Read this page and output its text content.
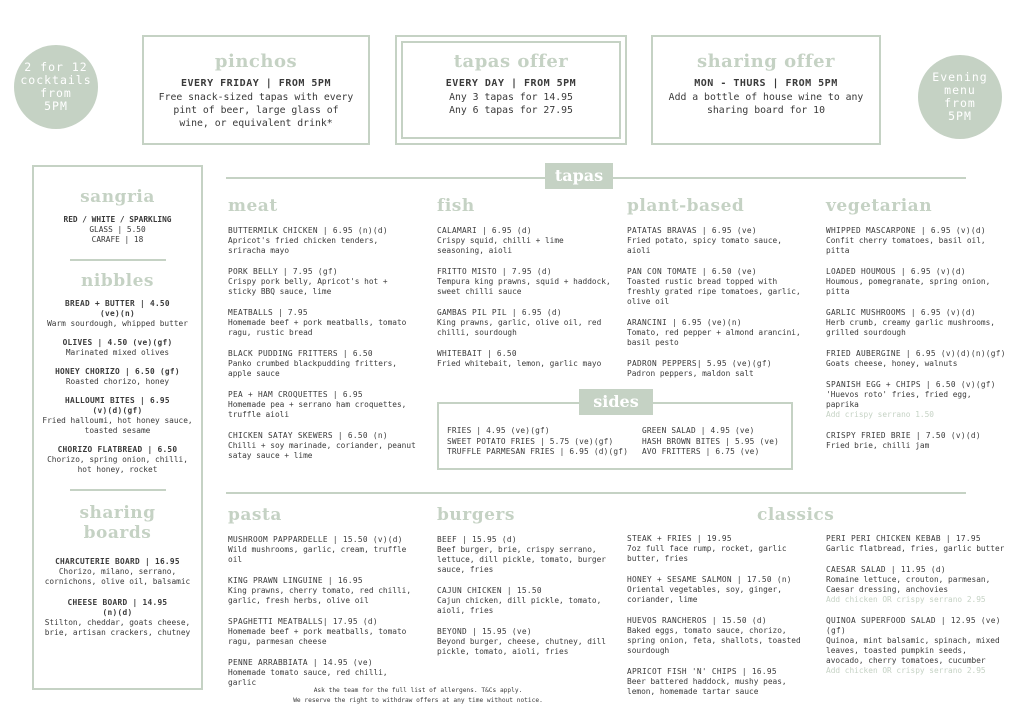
2 for 12
cocktails
from
5PM
Evening
menu
from
5PM
pinchos
EVERY FRIDAY | FROM 5PM
Free snack-sized tapas with every pint of beer, large glass of wine, or equivalent drink*
tapas offer
EVERY DAY | FROM 5PM
Any 3 tapas for 14.95
Any 6 tapas for 27.95
sharing offer
MON - THURS | FROM 5PM
Add a bottle of house wine to any sharing board for 10
sangria
RED / WHITE / SPARKLING
GLASS | 5.50
CARAFE | 18
nibbles
BREAD + BUTTER | 4.50 (ve)(n)
Warm sourdough, whipped butter
OLIVES | 4.50 (ve)(gf)
Marinated mixed olives
HONEY CHORIZO | 6.50 (gf)
Roasted chorizo, honey
HALLOUMI BITES | 6.95 (v)(d)(gf)
Fried halloumi, hot honey sauce, toasted sesame
CHORIZO FLATBREAD | 6.50
Chorizo, spring onion, chilli, hot honey, rocket
sharing
boards
CHARCUTERIE BOARD | 16.95
Chorizo, milano, serrano, cornichons, olive oil, balsamic
CHEESE BOARD | 14.95 (n)(d)
Stilton, cheddar, goats cheese, brie, artisan crackers, chutney
tapas
meat
BUTTERMILK CHICKEN | 6.95 (n)(d)
Apricot's fried chicken tenders, sriracha mayo
PORK BELLY | 7.95 (gf)
Crispy pork belly, Apricot's hot + sticky BBQ sauce, lime
MEATBALLS | 7.95
Homemade beef + pork meatballs, tomato ragu, rustic bread
BLACK PUDDING FRITTERS | 6.50
Panko crumbed blackpudding fritters, apple sauce
PEA + HAM CROQUETTES | 6.95
Homemade pea + serrano ham croquettes, truffle aioli
CHICKEN SATAY SKEWERS | 6.50 (n)
Chilli + soy marinade, coriander, peanut satay sauce + lime
fish
CALAMARI | 6.95 (d)
Crispy squid, chilli + lime seasoning, aioli
FRITTO MISTO | 7.95 (d)
Tempura king prawns, squid + haddock, sweet chilli sauce
GAMBAS PIL PIL | 6.95 (d)
King prawns, garlic, olive oil, red chilli, sourdough
WHITEBAIT | 6.50
Fried whitebait, lemon, garlic mayo
plant-based
PATATAS BRAVAS | 6.95 (ve)
Fried potato, spicy tomato sauce, aioli
PAN CON TOMATE | 6.50 (ve)
Toasted rustic bread topped with freshly grated ripe tomatoes, garlic, olive oil
ARANCINI | 6.95 (ve)(n)
Tomato, red pepper + almond arancini, basil pesto
PADRON PEPPERS| 5.95 (ve)(gf)
Padron peppers, maldon salt
vegetarian
WHIPPED MASCARPONE | 6.95 (v)(d)
Confit cherry tomatoes, basil oil, pitta
LOADED HOUMOUS | 6.95 (v)(d)
Houmous, pomegranate, spring onion, pitta
GARLIC MUSHROOMS | 6.95 (v)(d)
Herb crumb, creamy garlic mushrooms, grilled sourdough
FRIED AUBERGINE | 6.95 (v)(d)(n)(gf)
Goats cheese, honey, walnuts
SPANISH EGG + CHIPS | 6.50 (v)(gf)
'Huevos roto' fries, fried egg, paprika
Add crispy serrano 1.50
CRISPY FRIED BRIE | 7.50 (v)(d)
Fried brie, chilli jam
FRIES | 4.95 (ve)(gf)
SWEET POTATO FRIES | 5.75 (ve)(gf)
TRUFFLE PARMESAN FRIES | 6.95 (d)(gf)
GREEN SALAD | 4.95 (ve)
HASH BROWN BITES | 5.95 (ve)
AVO FRITTERS | 6.75 (ve)
sides
pasta
MUSHROOM PAPPARDELLE | 15.50 (v)(d)
Wild mushrooms, garlic, cream, truffle oil
KING PRAWN LINGUINE | 16.95
King prawns, cherry tomato, red chilli, garlic, fresh herbs, olive oil
SPAGHETTI MEATBALLS| 17.95 (d)
Homemade beef + pork meatballs, tomato ragu, parmesan cheese
PENNE ARRABBIATA | 14.95 (ve)
Homemade tomato sauce, red chilli, garlic
burgers
BEEF | 15.95 (d)
Beef burger, brie, crispy serrano, lettuce, dill pickle, tomato, burger sauce, fries
CAJUN CHICKEN | 15.50
Cajun chicken, dill pickle, tomato, aioli, fries
BEYOND | 15.95 (ve)
Beyond burger, cheese, chutney, dill pickle, tomato, aioli, fries
classics
STEAK + FRIES | 19.95
7oz full face rump, rocket, garlic butter, fries
HONEY + SESAME SALMON | 17.50 (n)
Oriental vegetables, soy, ginger, coriander, lime
HUEVOS RANCHEROS | 15.50 (d)
Baked eggs, tomato sauce, chorizo, spring onion, feta, shallots, toasted sourdough
APRICOT FISH 'N' CHIPS | 16.95
Beer battered haddock, mushy peas, lemon, homemade tartar sauce
PERI PERI CHICKEN KEBAB | 17.95
Garlic flatbread, fries, garlic butter
CAESAR SALAD | 11.95 (d)
Romaine lettuce, crouton, parmesan, Caesar dressing, anchovies
Add chicken OR crispy serrano 2.95
QUINOA SUPERFOOD SALAD | 12.95 (ve)(gf)
Quinoa, mint balsamic, spinach, mixed leaves, toasted pumpkin seeds, avocado, cherry tomatoes, cucumber
Add chicken OR crispy serrano 2.95
Ask the team for the full list of allergens. T&Cs apply.
We reserve the right to withdraw offers at any time without notice.
